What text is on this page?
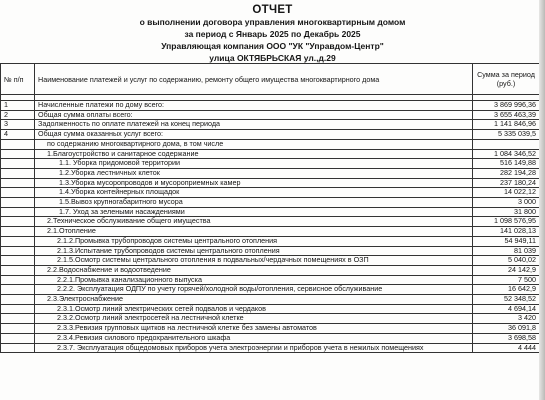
ОТЧЕТ
о выполнении договора управления многоквартирным домом
за период с Январь 2025 по Декабрь 2025
Управляющая компания ООО "УК "Управдом-Центр"
улица ОКТЯБРЬСКАЯ ул.,д.29
№ п/п	Наименование платежей и услуг по содержанию, ремонту общего имущества многоквартирного дома	Сумма за период (руб.)

1	Начисленные платежи по дому всего:	3 869 996,36
2	Общая сумма оплаты всего:	3 655 463,39
3	Задолженность по оплате платежей на конец периода	1 141 846,96
4	Общая сумма оказанных услуг всего:	5 335 039,5
	по содержанию многоквартирного дома, в том числе	
	1.Благоустройство и санитарное содержание	1 084 346,52
	1.1. Уборка придомовой территории	516 149,88
	1.2.Уборка лестничных клеток	282 194,28
	1.3.Уборка мусоропроводов и мусороприемных камер	237 180,24
	1.4.Уборка контейнерных площадок	14 022,12
	1.5.Вывоз крупногабаритного мусора	3 000
	1.7. Уход за зелеными насаждениями	31 800
	2.Техническое обслуживание общего имущества	1 098 576,95
	2.1.Отопление	141 028,13
	2.1.2.Промывка трубопроводов системы центрального отопления	54 949,11
	2.1.3.Испытание трубопроводов системы центрального отопления	81 039
	2.1.5.Осмотр системы центрального отопления в подвальных/чердачных помещениях в ОЗП	5 040,02
	2.2.Водоснабжение и водоотведение	24 142,9
	2.2.1.Промывка канализационного выпуска	7 500
	2.2.2. Эксплуатация ОДПУ по учету горячей/холодной воды/отопления, сервисное обслуживание	16 642,9
	2.3.Электроснабжение	52 348,52
	2.3.1.Осмотр линий электрических сетей подвалов и чердаков	4 694,14
	2.3.2.Осмотр линий электросетей на лестничной клетке	3 420
	2.3.3.Ревизия групповых щитков на лестничной клетке без замены автоматов	36 091,8
	2.3.4.Ревизия силового предохранительного шкафа	3 698,58
	2.3.7. Эксплуатация общедомовых приборов учета электроэнергии и приборов учета в нежилых помещениях	4 444
